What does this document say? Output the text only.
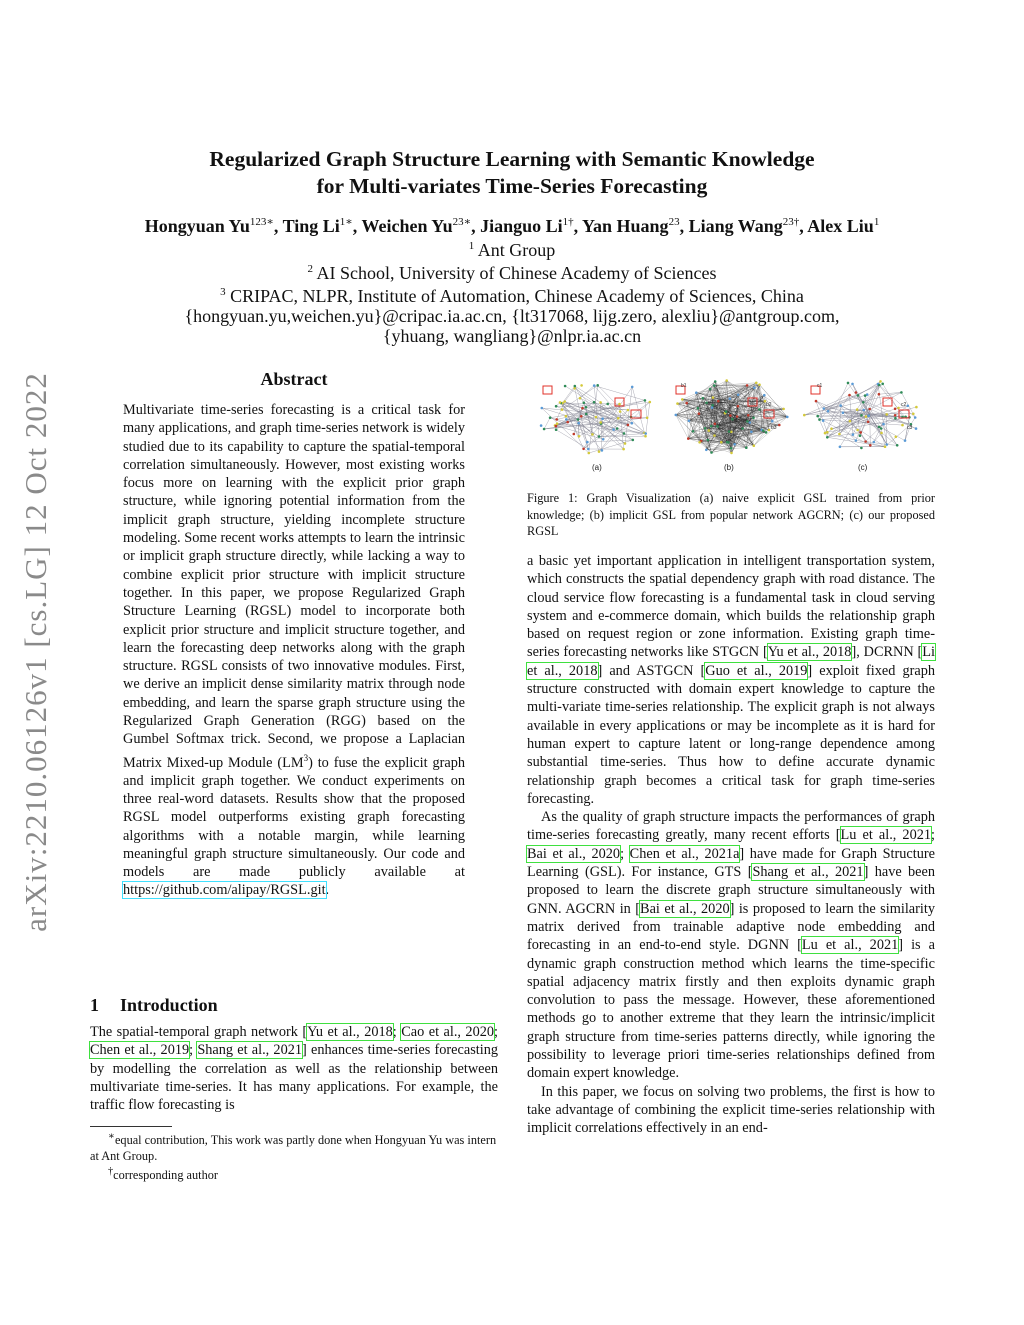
arXiv:2210.06126v1 [cs.LG] 12 Oct 2022
Regularized Graph Structure Learning with Semantic Knowledge
for Multi-variates Time-Series Forecasting
Hongyuan $Yu^{123∗}$, Ting $Li^{1∗}$, Weichen $Yu^{23∗}$, Jianguo $Li^{1\dagger}$, Yan Huang$^{23}$, Liang Wang$^{23\dagger}$, Alex Liu$^1$
$^1$ Ant Group
$^2$ AI School, University of Chinese Academy of Sciences
$^3$ CRIPAC, NLPR, Institute of Automation, Chinese Academy of Sciences, China
{hongyuan.yu,weichen.yu}@cripac.ia.ac.cn, {lt317068, lijg.zero, alexliu}@antgroup.com,
{yhuang, wangliang}@nlpr.ia.ac.cn
Abstract
Multivariate time-series forecasting is a critical task for many applications, and graph time-series network is widely studied due to its capability to capture the spatial-temporal correlation simultaneously. However, most existing works focus more on learning with the explicit prior graph structure, while ignoring potential information from the implicit graph structure, yielding incomplete structure modeling. Some recent works attempts to learn the intrinsic or implicit graph structure directly, while lacking a way to combine explicit prior structure with implicit structure together. In this paper, we propose Regularized Graph Structure Learning (RGSL) model to incorporate both explicit prior structure and implicit structure together, and learn the forecasting deep networks along with the graph structure. RGSL consists of two innovative modules. First, we derive an implicit dense similarity matrix through node embedding, and learn the sparse graph structure using the Regularized Graph Generation (RGG) based on the Gumbel Softmax trick. Second, we propose a Laplacian Matrix Mixed-up Module $(LM^3)$ to fuse the explicit graph and implicit graph together. We conduct experiments on three real-word datasets. Results show that the proposed RGSL model outperforms existing graph forecasting algorithms with a notable margin, while learning meaningful graph structure simultaneously. Our code and models are made publicly available at https://github.com/alipay/RGSL.git.
1 Introduction
The spatial-temporal graph network [Yu et al., 2018; Cao et al., 2020; Chen et al., 2019; Shang et al., 2021] enhances time-series forecasting by modelling the correlation as well as the relationship between multivariate time-series. It has many applications. For example, the traffic flow forecasting is

∗equal contribution, This work was partly done when Hongyuan Yu was intern at Ant Group.

†corresponding author

(a)	(b)	(c)
b1
b2
b3
c1
c2
c3
Figure 1: Graph Visualization (a) naive explicit GSL trained from prior knowledge; (b) implicit GSL from popular network AGCRN; (c) our proposed RGSL

a basic yet important application in intelligent transportation system, which constructs the spatial dependency graph with road distance. The cloud service flow forecasting is a fundamental task in cloud serving system and e-commerce domain, which builds the relationship graph based on request region or zone information. Existing graph time-series forecasting networks like STGCN [Yu et al., 2018], DCRNN [Li et al., 2018] and ASTGCN [Guo et al., 2019] exploit fixed graph structure constructed with domain expert knowledge to capture the multi-variate time-series relationship. The explicit graph is not always available in every applications or may be incomplete as it is hard for human expert to capture latent or long-range dependence among substantial time-series. Thus how to define accurate dynamic relationship graph becomes a critical task for graph time-series forecasting.

As the quality of graph structure impacts the performances of graph time-series forecasting greatly, many recent efforts [Lu et al., 2021; Bai et al., 2020; Chen et al., 2021a] have made for Graph Structure Learning (GSL). For instance, GTS [Shang et al., 2021] have been proposed to learn the discrete graph structure simultaneously with GNN. AGCRN in [Bai et al., 2020] is proposed to learn the similarity matrix derived from trainable adaptive node embedding and forecasting in an end-to-end style. DGNN [Lu et al., 2021] is a dynamic graph construction method which learns the time-specific spatial adjacency matrix firstly and then exploits dynamic graph convolution to pass the message. However, these aforementioned methods go to another extreme that they learn the intrinsic/implicit graph structure from time-series patterns directly, while ignoring the possibility to leverage priori time-series relationships defined from domain expert knowledge.

In this paper, we focus on solving two problems, the first is how to take advantage of combining the explicit time-series relationship with implicit correlations effectively in an end-
